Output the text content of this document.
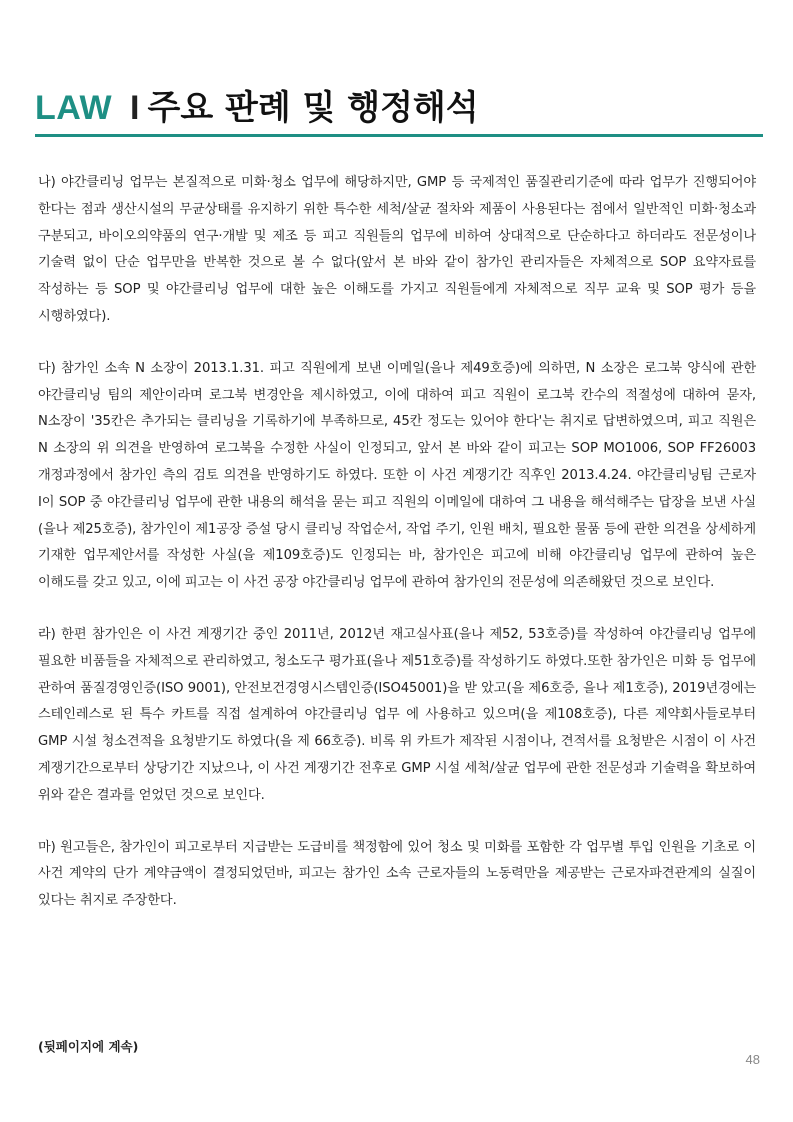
LAW I 주요 판례 및 행정해석

나) 야간클리닝 업무는 본질적으로 미화·청소 업무에 해당하지만, GMP 등 국제적인 품질관리기준에 따라 업무가 진행되어야 한다는 점과 생산시설의 무균상태를 유지하기 위한 특수한 세척/살균 절차와 제품이 사용된다는 점에서 일반적인 미화·청소과 구분되고, 바이오의약품의 연구·개발 및 제조 등 피고 직원들의 업무에 비하여 상대적으로 단순하다고 하더라도 전문성이나 기술력 없이 단순 업무만을 반복한 것으로 볼 수 없다(앞서 본 바와 같이 참가인 관리자들은 자체적으로 SOP 요약자료를 작성하는 등 SOP 및 야간클리닝 업무에 대한 높은 이해도를 가지고 직원들에게 자체적으로 직무 교육 및 SOP 평가 등을 시행하였다).

다) 참가인 소속 N 소장이 2013.1.31. 피고 직원에게 보낸 이메일(을나 제49호증)에 의하면, N 소장은 로그북 양식에 관한 야간클리닝 팀의 제안이라며 로그북 변경안을 제시하였고, 이에 대하여 피고 직원이 로그북 칸수의 적절성에 대하여 묻자, N소장이 '35칸은 추가되는 클리닝을 기록하기에 부족하므로, 45칸 정도는 있어야 한다'는 취지로 답변하였으며, 피고 직원은 N 소장의 위 의견을 반영하여 로그북을 수정한 사실이 인정되고, 앞서 본 바와 같이 피고는 SOP MO1006, SOP FF26003 개정과정에서 참가인 측의 검토 의견을 반영하기도 하였다. 또한 이 사건 계쟁기간 직후인 2013.4.24. 야간클리닝팀 근로자 I이 SOP 중 야간클리닝 업무에 관한 내용의 해석을 묻는 피고 직원의 이메일에 대하여 그 내용을 해석해주는 답장을 보낸 사실(을나 제25호증), 참가인이 제1공장 증설 당시 클리닝 작업순서, 작업 주기, 인원 배치, 필요한 물품 등에 관한 의견을 상세하게 기재한 업무제안서를 작성한 사실(을 제109호증)도 인정되는 바, 참가인은 피고에 비해 야간클리닝 업무에 관하여 높은 이해도를 갖고 있고, 이에 피고는 이 사건 공장 야간클리닝 업무에 관하여 참가인의 전문성에 의존해왔던 것으로 보인다.

라) 한편 참가인은 이 사건 계쟁기간 중인 2011년, 2012년 재고실사표(을나 제52, 53호증)를 작성하여 야간클리닝 업무에 필요한 비품들을 자체적으로 관리하였고, 청소도구 평가표(을나 제51호증)를 작성하기도 하였다.또한 참가인은 미화 등 업무에 관하여 품질경영인증(ISO 9001), 안전보건경영시스템인증(ISO45001)을 받 았고(을 제6호증, 을나 제1호증), 2019년경에는 스테인레스로 된 특수 카트를 직접 설계하여 야간클리닝 업무 에 사용하고 있으며(을 제108호증), 다른 제약회사들로부터 GMP 시설 청소견적을 요청받기도 하였다(을 제 66호증). 비록 위 카트가 제작된 시점이나, 견적서를 요청받은 시점이 이 사건 계쟁기간으로부터 상당기간 지났으나, 이 사건 계쟁기간 전후로 GMP 시설 세척/살균 업무에 관한 전문성과 기술력을 확보하여 위와 같은 결과를 얻었던 것으로 보인다.

마) 원고들은, 참가인이 피고로부터 지급받는 도급비를 책정함에 있어 청소 및 미화를 포함한 각 업무별 투입 인원을 기초로 이 사건 계약의 단가 계약금액이 결정되었던바, 피고는 참가인 소속 근로자들의 노동력만을 제공받는 근로자파견관계의 실질이 있다는 취지로 주장한다.

(뒷페이지에 계속)
48
